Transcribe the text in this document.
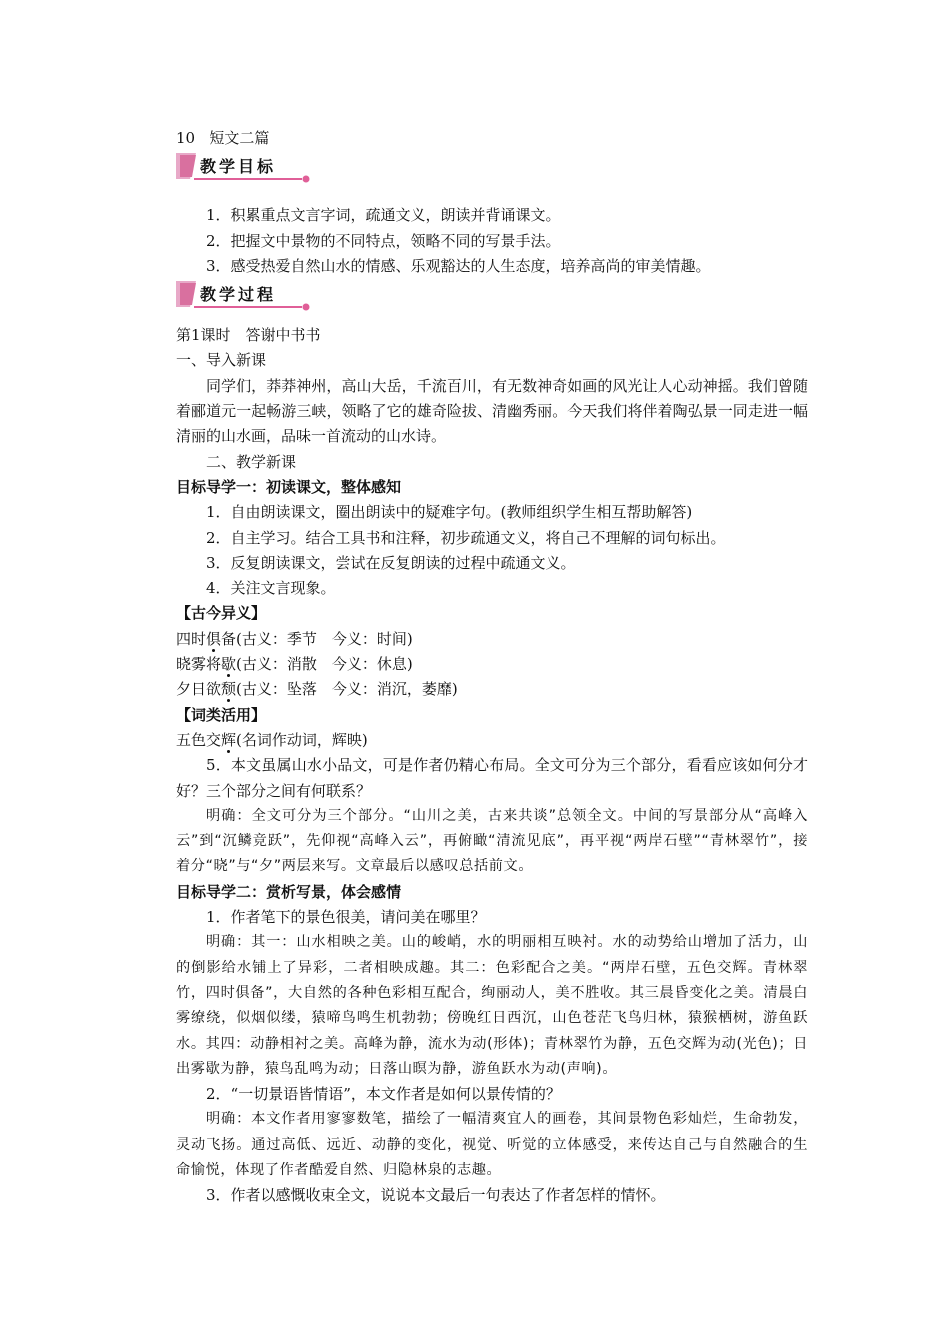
10 短文二篇
教学目标
1．积累重点文言字词，疏通文义，朗读并背诵课文。
2．把握文中景物的不同特点，领略不同的写景手法。
3．感受热爱自然山水的情感、乐观豁达的人生态度，培养高尚的审美情趣。
教学过程
第1课时　答谢中书书
一、导入新课
同学们，莽莽神州，高山大岳，千流百川，有无数神奇如画的风光让人心动神摇。我们曾随着郦道元一起畅游三峡，领略了它的雄奇险拔、清幽秀丽。今天我们将伴着陶弘景一同走进一幅清丽的山水画，品味一首流动的山水诗。
二、教学新课
目标导学一：初读课文，整体感知
1．自由朗读课文，圈出朗读中的疑难字句。(教师组织学生相互帮助解答)
2．自主学习。结合工具书和注释，初步疏通文义，将自己不理解的词句标出。
3．反复朗读课文，尝试在反复朗读的过程中疏通文义。
4．关注文言现象。
【古今异义】
四时俱备(古义：季节　今义：时间)
晓雾将歇(古义：消散　今义：休息)
夕日欲颓(古义：坠落　今义：消沉，萎靡)
【词类活用】
五色交辉(名词作动词，辉映)
5．本文虽属山水小品文，可是作者仍精心布局。全文可分为三个部分，看看应该如何分才好？三个部分之间有何联系？
明确：全文可分为三个部分。“山川之美，古来共谈”总领全文。中间的写景部分从“高峰入云”到“沉鳞竞跃”，先仰视“高峰入云”，再俯瞰“清流见底”，再平视“两岸石壁”“青林翠竹”，接着分“晓”与“夕”两层来写。文章最后以感叹总括前文。
目标导学二：赏析写景，体会感情
1．作者笔下的景色很美，请问美在哪里？
明确：其一：山水相映之美。山的峻峭，水的明丽相互映衬。水的动势给山增加了活力，山的倒影给水铺上了异彩，二者相映成趣。其二：色彩配合之美。“两岸石壁，五色交辉。青林翠竹，四时俱备”，大自然的各种色彩相互配合，绚丽动人，美不胜收。其三晨昏变化之美。清晨白雾缭绕，似烟似缕，猿啼鸟鸣生机勃勃；傍晚红日西沉，山色苍茫飞鸟归林，猿猴栖树，游鱼跃水。其四：动静相衬之美。高峰为静，流水为动(形体)；青林翠竹为静，五色交辉为动(光色)；日出雾歇为静，猿鸟乱鸣为动；日落山暝为静，游鱼跃水为动(声响)。
2．“一切景语皆情语”，本文作者是如何以景传情的？
明确：本文作者用寥寥数笔，描绘了一幅清爽宜人的画卷，其间景物色彩灿烂，生命勃发，灵动飞扬。通过高低、远近、动静的变化，视觉、听觉的立体感受，来传达自己与自然融合的生命愉悦，体现了作者酷爱自然、归隐林泉的志趣。
3．作者以感慨收束全文，说说本文最后一句表达了作者怎样的情怀。
